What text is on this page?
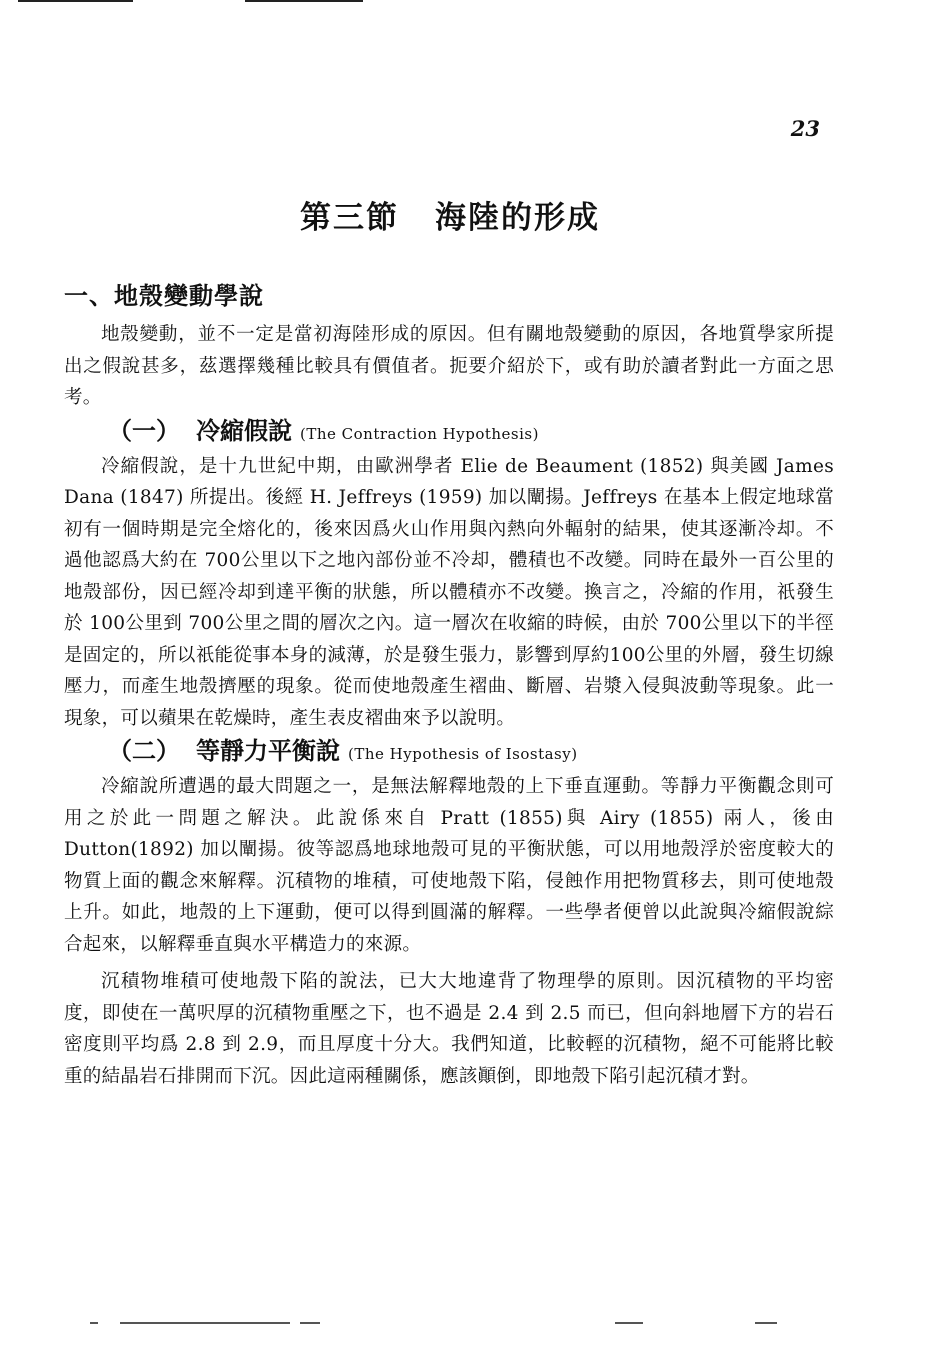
23
第三節 海陸的形成
一、地殼變動學說

地殼變動，並不一定是當初海陸形成的原因。但有關地殼變動的原因，各地質學家所提出之假說甚多，茲選擇幾種比較具有價值者。扼要介紹於下，或有助於讀者對此一方面之思考。

（一） 冷縮假說 (The Contraction Hypothesis)

冷縮假說，是十九世紀中期，由歐洲學者 Elie de Beaument (1852) 與美國 James Dana (1847) 所提出。後經 H. Jeffreys (1959) 加以闡揚。Jeffreys 在基本上假定地球當初有一個時期是完全熔化的，後來因爲火山作用與內熱向外輻射的結果，使其逐漸冷却。不過他認爲大約在 700公里以下之地內部份並不冷却，體積也不改變。同時在最外一百公里的地殼部份，因已經冷却到達平衡的狀態，所以體積亦不改變。換言之，冷縮的作用，祇發生於 100公里到 700公里之間的層次之內。這一層次在收縮的時候，由於 700公里以下的半徑是固定的，所以祇能從事本身的減薄，於是發生張力，影響到厚約100公里的外層，發生切線壓力，而產生地殼擠壓的現象。從而使地殼產生褶曲、斷層、岩漿入侵與波動等現象。此一現象，可以蘋果在乾燥時，產生表皮褶曲來予以說明。

（二） 等靜力平衡說 (The Hypothesis of Isostasy)

冷縮說所遭遇的最大問題之一，是無法解釋地殼的上下垂直運動。等靜力平衡觀念則可用之於此一問題之解決。此說係來自 Pratt (1855)與 Airy (1855) 兩人，後由Dutton(1892) 加以闡揚。彼等認爲地球地殼可見的平衡狀態，可以用地殼浮於密度較大的物質上面的觀念來解釋。沉積物的堆積，可使地殼下陷，侵蝕作用把物質移去，則可使地殼上升。如此，地殼的上下運動，便可以得到圓滿的解釋。一些學者便曾以此說與冷縮假說綜合起來，以解釋垂直與水平構造力的來源。

沉積物堆積可使地殼下陷的說法，已大大地違背了物理學的原則。因沉積物的平均密度，即使在一萬呎厚的沉積物重壓之下，也不過是 2.4 到 2.5 而已，但向斜地層下方的岩石密度則平均爲 2.8 到 2.9，而且厚度十分大。我們知道，比較輕的沉積物，絕不可能將比較重的結晶岩石排開而下沉。因此這兩種關係，應該顚倒，即地殼下陷引起沉積才對。
